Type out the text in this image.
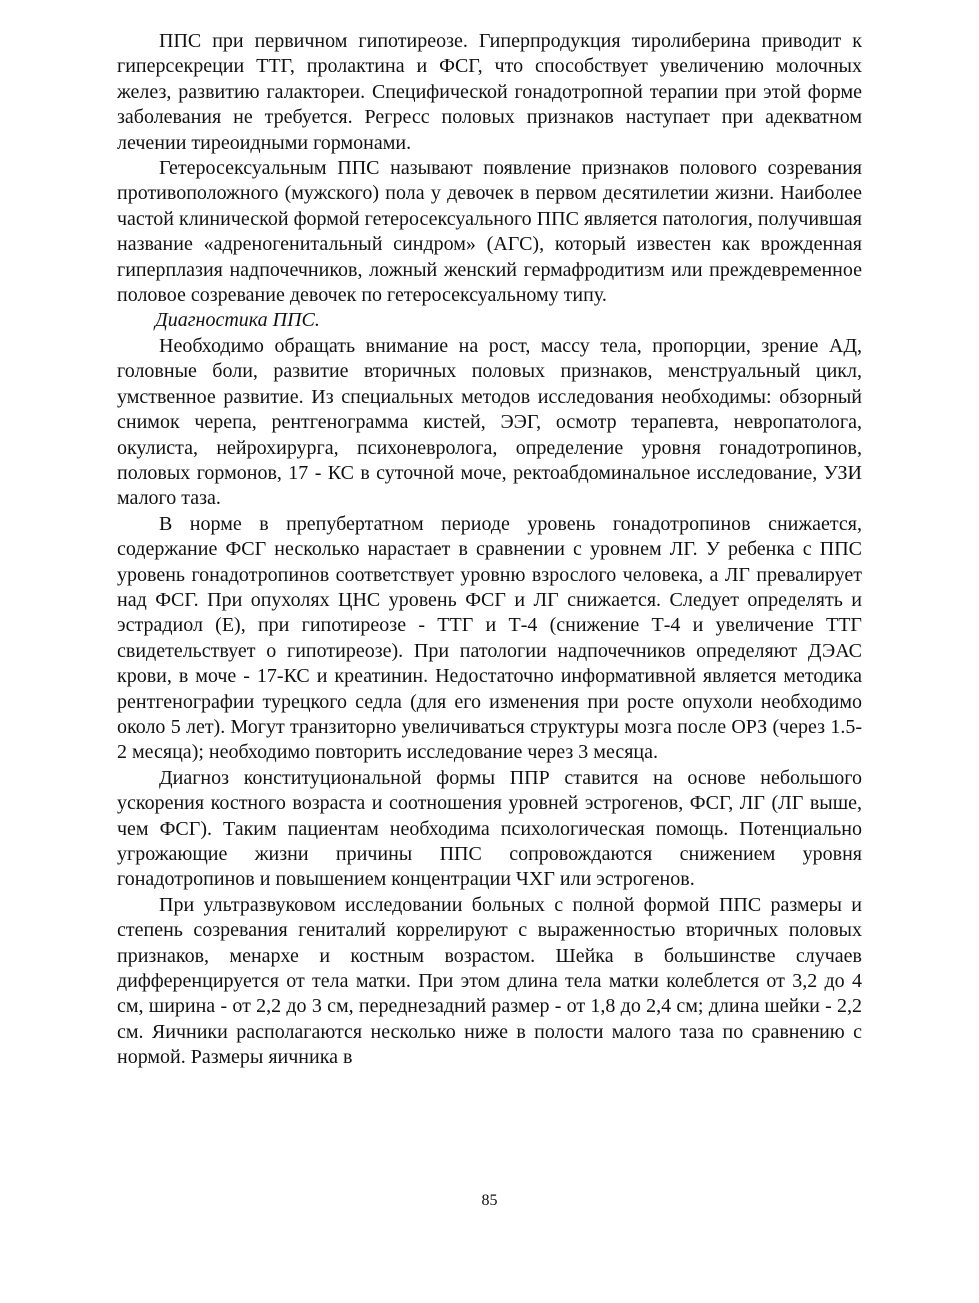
ППС при первичном гипотиреозе. Гиперпродукция тиролиберина приводит к гиперсекреции ТТГ, пролактина и ФСГ, что способствует увеличению молочных желез, развитию галактореи. Специфической гонадотропной терапии при этой форме заболевания не требуется. Регресс половых признаков наступает при адекватном лечении тиреоидными гормонами.

Гетеросексуальным ППС называют появление признаков полового созревания противоположного (мужского) пола у девочек в первом десятилетии жизни. Наиболее частой клинической формой гетеросексуального ППС является патология, получившая название «адреногенитальный синдром» (АГС), который известен как врожденная гиперплазия надпочечников, ложный женский гермафродитизм или преждевременное половое созревание девочек по гетеросексуальному типу.

Диагностика ППС.

Необходимо обращать внимание на рост, массу тела, пропорции, зрение АД, головные боли, развитие вторичных половых признаков, менструальный цикл, умственное развитие. Из специальных методов исследования необходимы: обзорный снимок черепа, рентгенограмма кистей, ЭЭГ, осмотр терапевта, невропатолога, окулиста, нейрохирурга, психоневролога, определение уровня гонадотропинов, половых гормонов, 17 - КС в суточной моче, ректоабдоминальное исследование, УЗИ малого таза.

В норме в препубертатном периоде уровень гонадотропинов снижается, содержание ФСГ несколько нарастает в сравнении с уровнем ЛГ. У ребенка с ППС уровень гонадотропинов соответствует уровню взрослого человека, а ЛГ превалирует над ФСГ. При опухолях ЦНС уровень ФСГ и ЛГ снижается. Следует определять и эстрадиол (Е), при гипотиреозе - ТТГ и Т-4 (снижение Т-4 и увеличение ТТГ свидетельствует о гипотиреозе). При патологии надпочечников определяют ДЭАС крови, в моче - 17-КС и креатинин. Недостаточно информативной является методика рентгенографии турецкого седла (для его изменения при росте опухоли необходимо около 5 лет). Могут транзиторно увеличиваться структуры мозга после ОРЗ (через 1.5-2 месяца); необходимо повторить исследование через 3 месяца.

Диагноз конституциональной формы ППР ставится на основе небольшого ускорения костного возраста и соотношения уровней эстрогенов, ФСГ, ЛГ (ЛГ выше, чем ФСГ). Таким пациентам необходима психологическая помощь. Потенциально угрожающие жизни причины ППС сопровождаются снижением уровня гонадотропинов и повышением концентрации ЧХГ или эстрогенов.

При ультразвуковом исследовании больных с полной формой ППС размеры и степень созревания гениталий коррелируют с выраженностью вторичных половых признаков, менархе и костным возрастом. Шейка в большинстве случаев дифференцируется от тела матки. При этом длина тела матки колеблется от 3,2 до 4 см, ширина - от 2,2 до 3 см, переднезадний размер - от 1,8 до 2,4 см; длина шейки - 2,2 см. Яичники располагаются несколько ниже в полости малого таза по сравнению с нормой. Размеры яичника в

85
